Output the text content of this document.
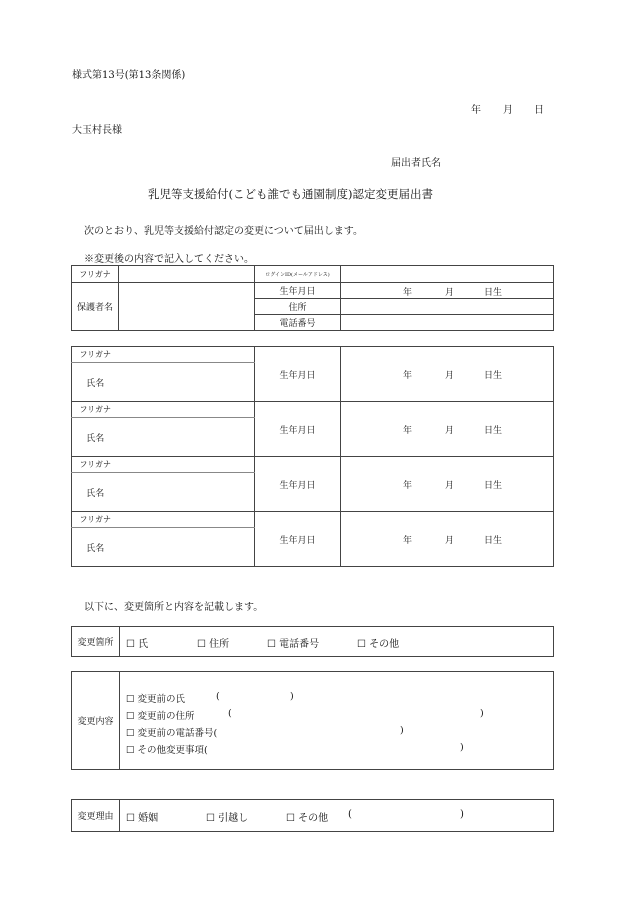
様式第13号(第13条関係)
年 月 日
大玉村長様
届出者氏名
乳児等支援給付(こども誰でも通園制度)認定変更届出書
次のとおり、乳児等支援給付認定の変更について届出します。
※変更後の内容で記入してください。
フリガナ		ログインID(メールアドレス)	
保護者名		生年月日	年 月 日生

		住所	
		電話番号	
フリガナ		生年月日	年 月 日生

氏名			
フリガナ		生年月日	年 月 日生

氏名			
フリガナ		生年月日	年 月 日生

氏名			
フリガナ		生年月日	年 月 日生

氏名			
以下に、変更箇所と内容を記載します。
変更箇所	☐ 氏	☐ 住所	☐ 電話番号	☐ その他
変更内容	
☐ 変更前の氏	(	)
☐ 変更前の住所	(	)
☐ 変更前の電話番号(	)
☐ その他変更事項(	)
変更理由	☐ 婚姻	☐ 引越し	☐ その他 (	)
